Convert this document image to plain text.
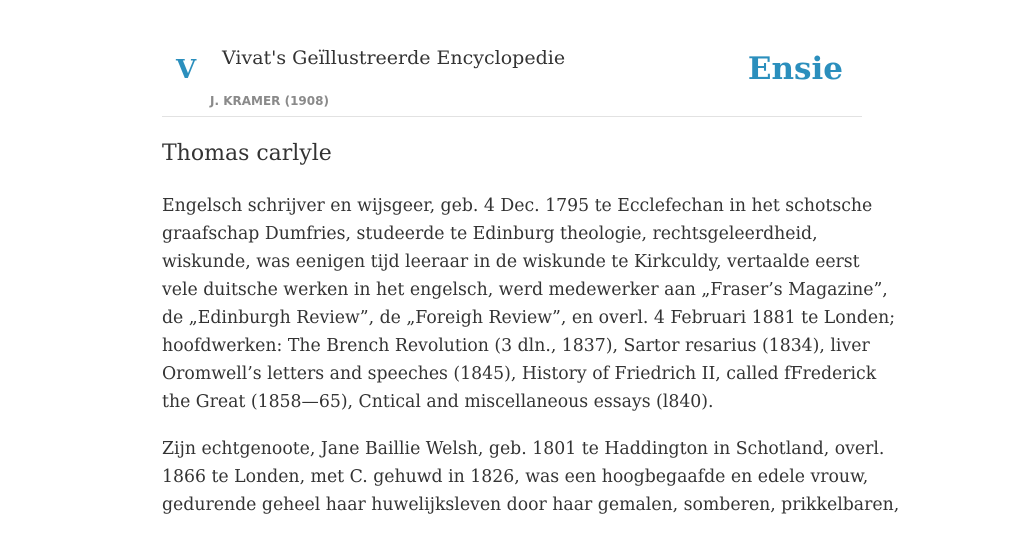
V Vivat's Geïllustreerde Encyclopedie
J. KRAMER (1908)
Ensie
Thomas carlyle

Engelsch schrijver en wijsgeer, geb. 4 Dec. 1795 te Ecclefechan in het schotsche
graafschap Dumfries, studeerde te Edinburg theologie, rechtsgeleerdheid,
wiskunde, was eenigen tijd leeraar in de wiskunde te Kirkculdy, vertaalde eerst
vele duitsche werken in het engelsch, werd medewerker aan „Fraser’s Magazine”,
de „Edinburgh Review”, de „Foreigh Review”, en overl. 4 Februari 1881 te Londen;
hoofdwerken: The Brench Revolution (3 dln., 1837), Sartor resarius (1834), liver
Oromwell’s letters and speeches (1845), History of Friedrich II, called fFrederick
the Great (1858—65), Cntical and miscellaneous essays (l840).

Zijn echtgenoote, Jane Baillie Welsh, geb. 1801 te Haddington in Schotland, overl.
1866 te Londen, met C. gehuwd in 1826, was een hoogbegaafde en edele vrouw,
gedurende geheel haar huwelijksleven door haar gemalen, somberen, prikkelbaren,
